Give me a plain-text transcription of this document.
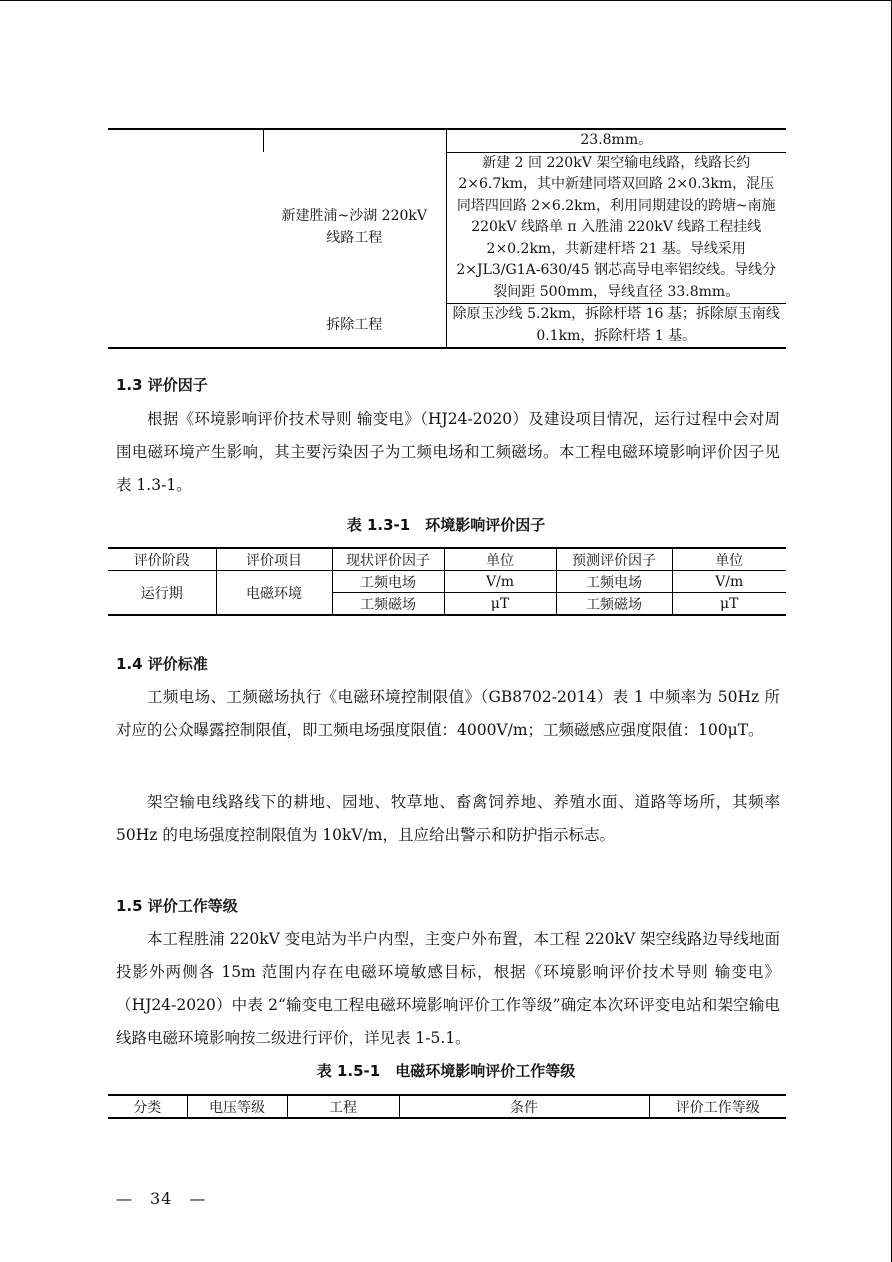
		23.8mm。
	新建胜浦~沙湖 220kV 线路工程	新建 2 回 220kV 架空输电线路，线路长约 2×6.7km，其中新建同塔双回路 2×0.3km，混压同塔四回路 2×6.2km，利用同期建设的跨塘~南施 220kV 线路单 π 入胜浦 220kV 线路工程挂线 2×0.2km，共新建杆塔 21 基。导线采用 2×JL3/G1A-630/45 钢芯高导电率铝绞线。导线分裂间距 500mm，导线直径 33.8mm。
	拆除工程	除原玉沙线 5.2km，拆除杆塔 16 基；拆除原玉南线 0.1km，拆除杆塔 1 基。
1.3 评价因子

根据《环境影响评价技术导则 输变电》（HJ24-2020）及建设项目情况，运行过程中会对周围电磁环境产生影响，其主要污染因子为工频电场和工频磁场。本工程电磁环境影响评价因子见表 1.3-1。

表 1.3-1　环境影响评价因子
评价阶段	评价项目	现状评价因子	单位	预测评价因子	单位
运行期	电磁环境	工频电场	V/m	工频电场	V/m
		工频磁场	μT	工频磁场	μT
1.4 评价标准

工频电场、工频磁场执行《电磁环境控制限值》（GB8702-2014）表 1 中频率为 50Hz 所对应的公众曝露控制限值，即工频电场强度限值：4000V/m；工频磁感应强度限值：100μT。

架空输电线路线下的耕地、园地、牧草地、畜禽饲养地、养殖水面、道路等场所，其频率 50Hz 的电场强度控制限值为 10kV/m，且应给出警示和防护指示标志。

1.5 评价工作等级

本工程胜浦 220kV 变电站为半户内型，主变户外布置，本工程 220kV 架空线路边导线地面投影外两侧各 15m 范围内存在电磁环境敏感目标，根据《环境影响评价技术导则 输变电》（HJ24-2020）中表 2“输变电工程电磁环境影响评价工作等级”确定本次环评变电站和架空输电线路电磁环境影响按二级进行评价，详见表 1-5.1。

表 1.5-1　电磁环境影响评价工作等级
分类	电压等级	工程	条件	评价工作等级
—　34　—
